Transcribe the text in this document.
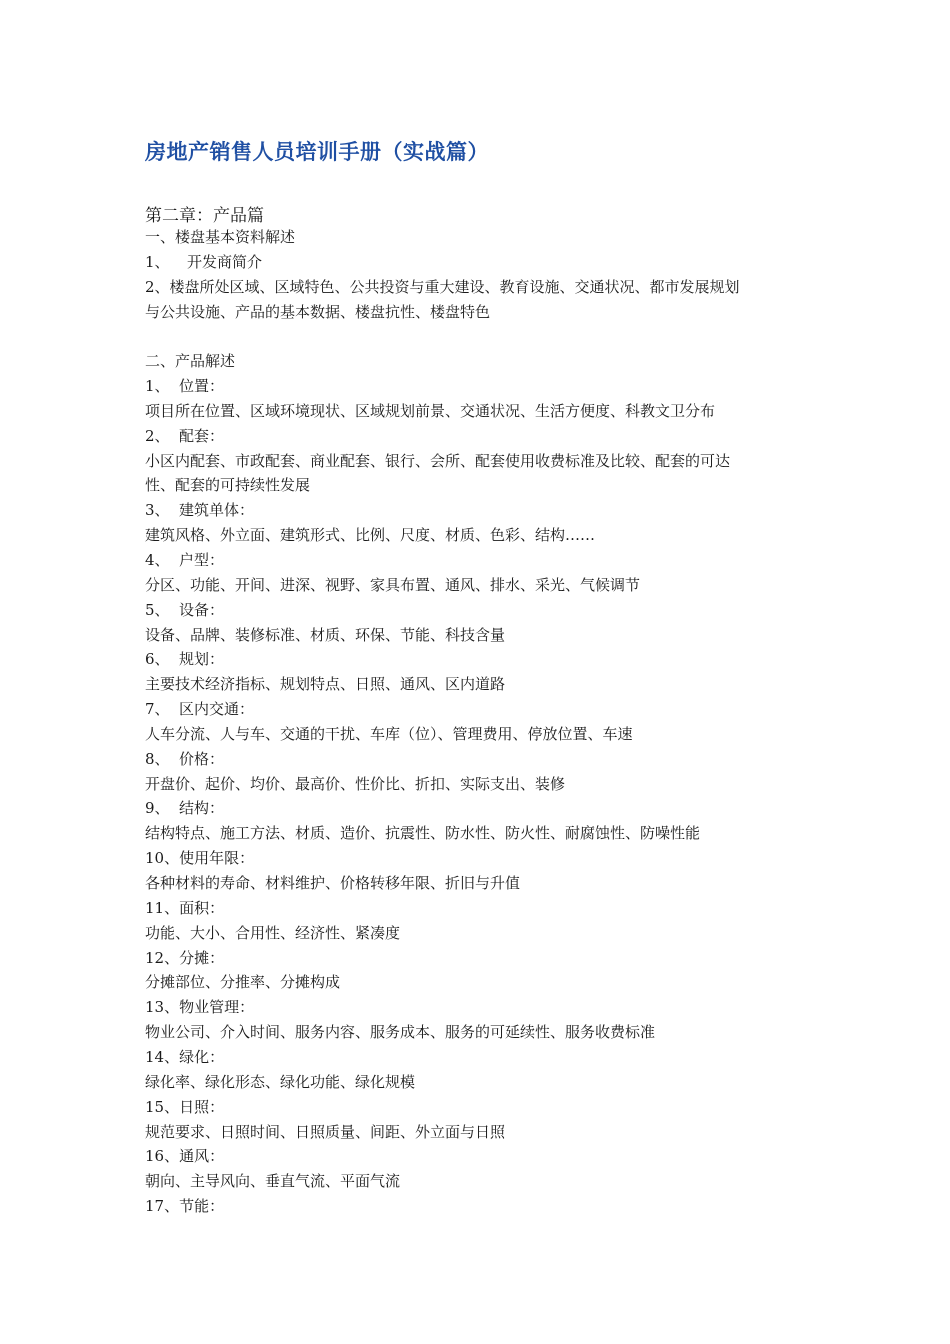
房地产销售人员培训手册（实战篇）
第二章：产品篇
一、楼盘基本资料解述
1、 开发商简介
2、楼盘所处区域、区域特色、公共投资与重大建设、教育设施、交通状况、都市发展规划
与公共设施、产品的基本数据、楼盘抗性、楼盘特色
二、产品解述
1、 位置：
项目所在位置、区域环境现状、区域规划前景、交通状况、生活方便度、科教文卫分布
2、 配套：
小区内配套、市政配套、商业配套、银行、会所、配套使用收费标准及比较、配套的可达
性、配套的可持续性发展
3、 建筑单体：
建筑风格、外立面、建筑形式、比例、尺度、材质、色彩、结构……
4、 户型：
分区、功能、开间、进深、视野、家具布置、通风、排水、采光、气候调节
5、 设备：
设备、品牌、装修标准、材质、环保、节能、科技含量
6、 规划：
主要技术经济指标、规划特点、日照、通风、区内道路
7、 区内交通：
人车分流、人与车、交通的干扰、车库（位）、管理费用、停放位置、车速
8、 价格：
开盘价、起价、均价、最高价、性价比、折扣、实际支出、装修
9、 结构：
结构特点、施工方法、材质、造价、抗震性、防水性、防火性、耐腐蚀性、防噪性能
10、使用年限：
各种材料的寿命、材料维护、价格转移年限、折旧与升值
11、面积：
功能、大小、合用性、经济性、紧凑度
12、分摊：
分摊部位、分推率、分摊构成
13、物业管理：
物业公司、介入时间、服务内容、服务成本、服务的可延续性、服务收费标准
14、绿化：
绿化率、绿化形态、绿化功能、绿化规模
15、日照：
规范要求、日照时间、日照质量、间距、外立面与日照
16、通风：
朝向、主导风向、垂直气流、平面气流
17、节能：
